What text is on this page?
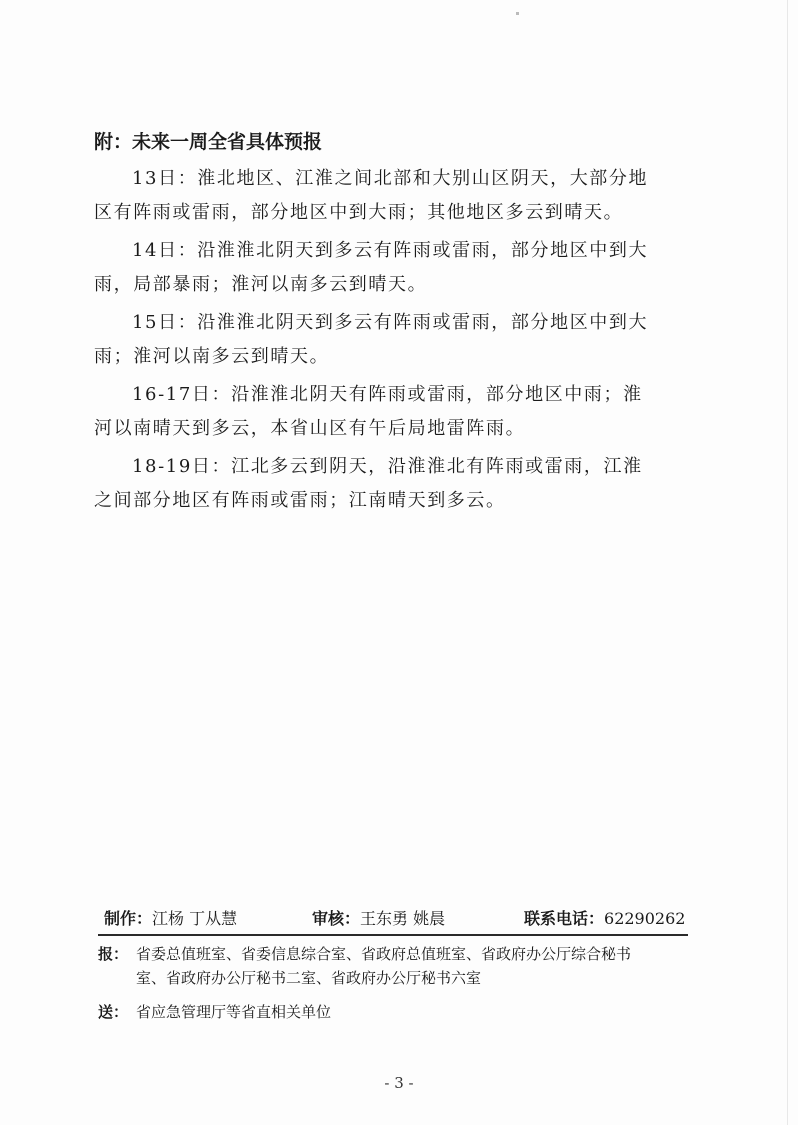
附：未来一周全省具体预报
13日：淮北地区、江淮之间北部和大别山区阴天，大部分地
区有阵雨或雷雨，部分地区中到大雨；其他地区多云到晴天。
14日：沿淮淮北阴天到多云有阵雨或雷雨，部分地区中到大
雨，局部暴雨；淮河以南多云到晴天。
15日：沿淮淮北阴天到多云有阵雨或雷雨，部分地区中到大
雨；淮河以南多云到晴天。
16-17日：沿淮淮北阴天有阵雨或雷雨，部分地区中雨；淮
河以南晴天到多云，本省山区有午后局地雷阵雨。
18-19日：江北多云到阴天，沿淮淮北有阵雨或雷雨，江淮
之间部分地区有阵雨或雷雨；江南晴天到多云。
制作：江杨 丁从慧	审核：王东勇 姚晨	联系电话：62290262
报： 省委总值班室、省委信息综合室、省政府总值班室、省政府办公厅综合秘书
室、省政府办公厅秘书二室、省政府办公厅秘书六室
送： 省应急管理厅等省直相关单位
- 3 -
